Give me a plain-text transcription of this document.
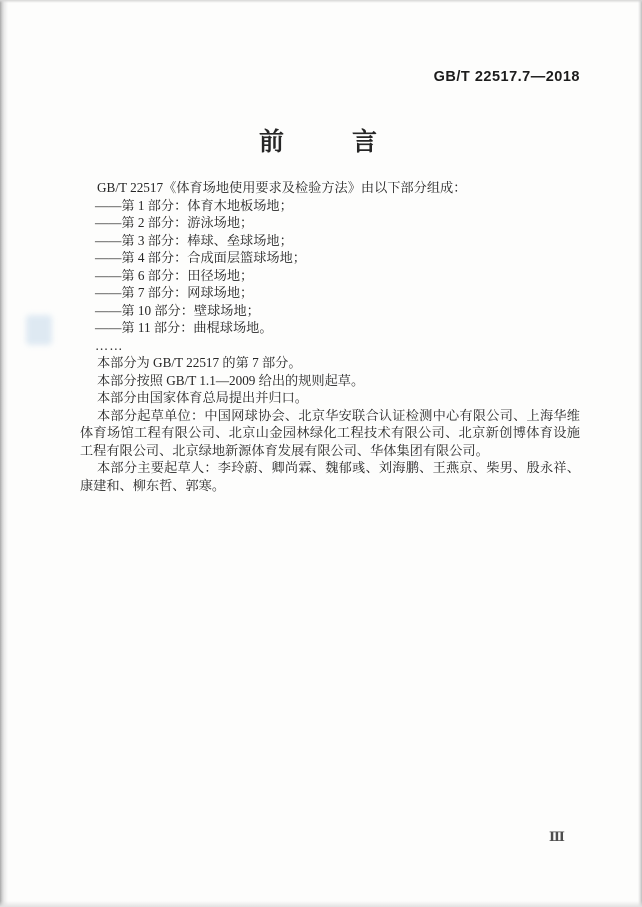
GB/T 22517.7—2018
前　　言

GB/T 22517《体育场地使用要求及检验方法》由以下部分组成：

——第 1 部分：体育木地板场地；

——第 2 部分：游泳场地；

——第 3 部分：棒球、垒球场地；

——第 4 部分：合成面层篮球场地；

——第 6 部分：田径场地；

——第 7 部分：网球场地；

——第 10 部分：壁球场地；

——第 11 部分：曲棍球场地。

……

本部分为 GB/T 22517 的第 7 部分。

本部分按照 GB/T 1.1—2009 给出的规则起草。

本部分由国家体育总局提出并归口。

本部分起草单位：中国网球协会、北京华安联合认证检测中心有限公司、上海华维体育场馆工程有限公司、北京山金园林绿化工程技术有限公司、北京新创博体育设施工程有限公司、北京绿地新源体育发展有限公司、华体集团有限公司。

本部分主要起草人：李玲蔚、卿尚霖、魏郁彧、刘海鹏、王燕京、柴男、殷永祥、康建和、柳东哲、郭寒。

Ⅲ
